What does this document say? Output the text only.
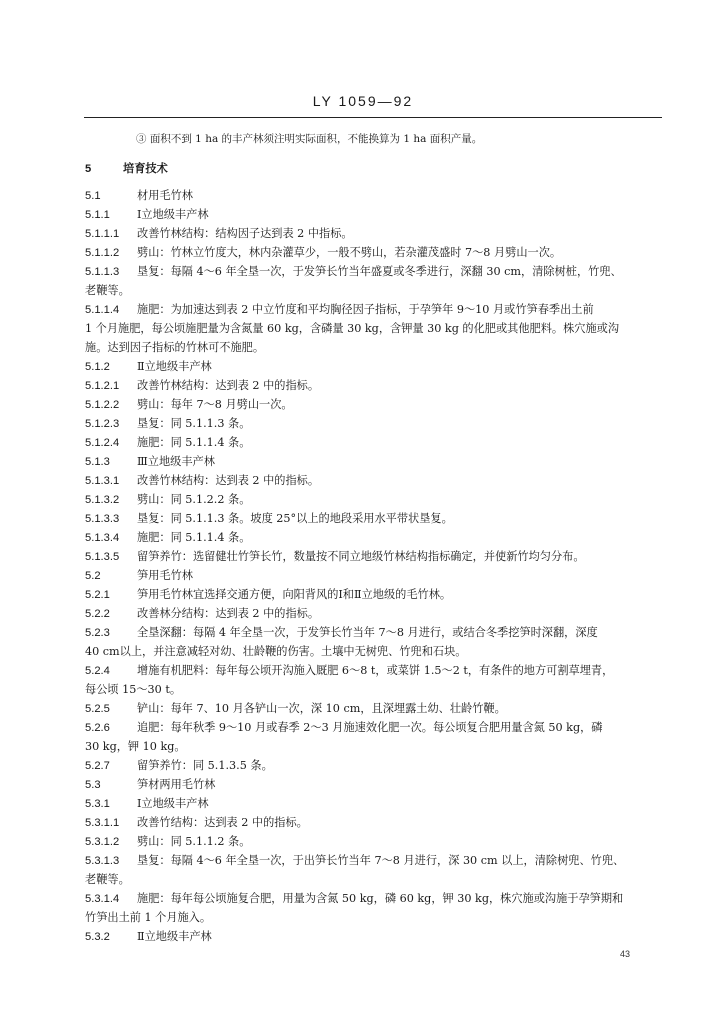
LY 1059—92
③ 面积不到 1 ha 的丰产林须注明实际面积，不能换算为 1 ha 面积产量。
5	培育技术
5.1	材用毛竹林
5.1.1 Ⅰ立地级丰产林
5.1.1.1 改善竹林结构：结构因子达到表 2 中指标。
5.1.1.2 劈山：竹林立竹度大，林内杂灌草少，一般不劈山，若杂灌茂盛时 7～8 月劈山一次。
5.1.1.3 垦复：每隔 4～6 年全垦一次，于发笋长竹当年盛夏或冬季进行，深翻 30 cm，清除树桩，竹兜、
老鞭等。
5.1.1.4 施肥：为加速达到表 2 中立竹度和平均胸径因子指标，于孕笋年 9～10 月或竹笋春季出土前
1 个月施肥，每公顷施肥量为含氮量 60 kg，含磷量 30 kg，含钾量 30 kg 的化肥或其他肥料。株穴施或沟
施。达到因子指标的竹林可不施肥。
5.1.2 Ⅱ立地级丰产林
5.1.2.1 改善竹林结构：达到表 2 中的指标。
5.1.2.2 劈山：每年 7～8 月劈山一次。
5.1.2.3 垦复：同 5.1.1.3 条。
5.1.2.4 施肥：同 5.1.1.4 条。
5.1.3 Ⅲ立地级丰产林
5.1.3.1 改善竹林结构：达到表 2 中的指标。
5.1.3.2 劈山：同 5.1.2.2 条。
5.1.3.3 垦复：同 5.1.1.3 条。坡度 25°以上的地段采用水平带状垦复。
5.1.3.4 施肥：同 5.1.1.4 条。
5.1.3.5 留笋养竹：选留健壮竹笋长竹，数量按不同立地级竹林结构指标确定，并使新竹均匀分布。
5.2	笋用毛竹林
5.2.1 笋用毛竹林宜选择交通方便，向阳背风的Ⅰ和Ⅱ立地级的毛竹林。
5.2.2 改善林分结构：达到表 2 中的指标。
5.2.3 全垦深翻：每隔 4 年全垦一次，于发笋长竹当年 7～8 月进行，或结合冬季挖笋时深翻，深度
40 cm以上，并注意减轻对幼、壮龄鞭的伤害。土壤中无树兜、竹兜和石块。
5.2.4 增施有机肥料：每年每公顷开沟施入厩肥 6～8 t，或菜饼 1.5～2 t，有条件的地方可割草埋青，
每公顷 15～30 t。
5.2.5 铲山：每年 7、10 月各铲山一次，深 10 cm，且深埋露土幼、壮龄竹鞭。
5.2.6 追肥：每年秋季 9～10 月或春季 2～3 月施速效化肥一次。每公顷复合肥用量含氮 50 kg，磷
30 kg，钾 10 kg。
5.2.7 留笋养竹：同 5.1.3.5 条。
5.3	笋材两用毛竹林
5.3.1 Ⅰ立地级丰产林
5.3.1.1 改善竹结构：达到表 2 中的指标。
5.3.1.2 劈山：同 5.1.1.2 条。
5.3.1.3 垦复：每隔 4～6 年全垦一次，于出笋长竹当年 7～8 月进行，深 30 cm 以上，清除树兜、竹兜、
老鞭等。
5.3.1.4 施肥：每年每公顷施复合肥，用量为含氮 50 kg，磷 60 kg，钾 30 kg，株穴施或沟施于孕笋期和
竹笋出土前 1 个月施入。
5.3.2 Ⅱ立地级丰产林
43
